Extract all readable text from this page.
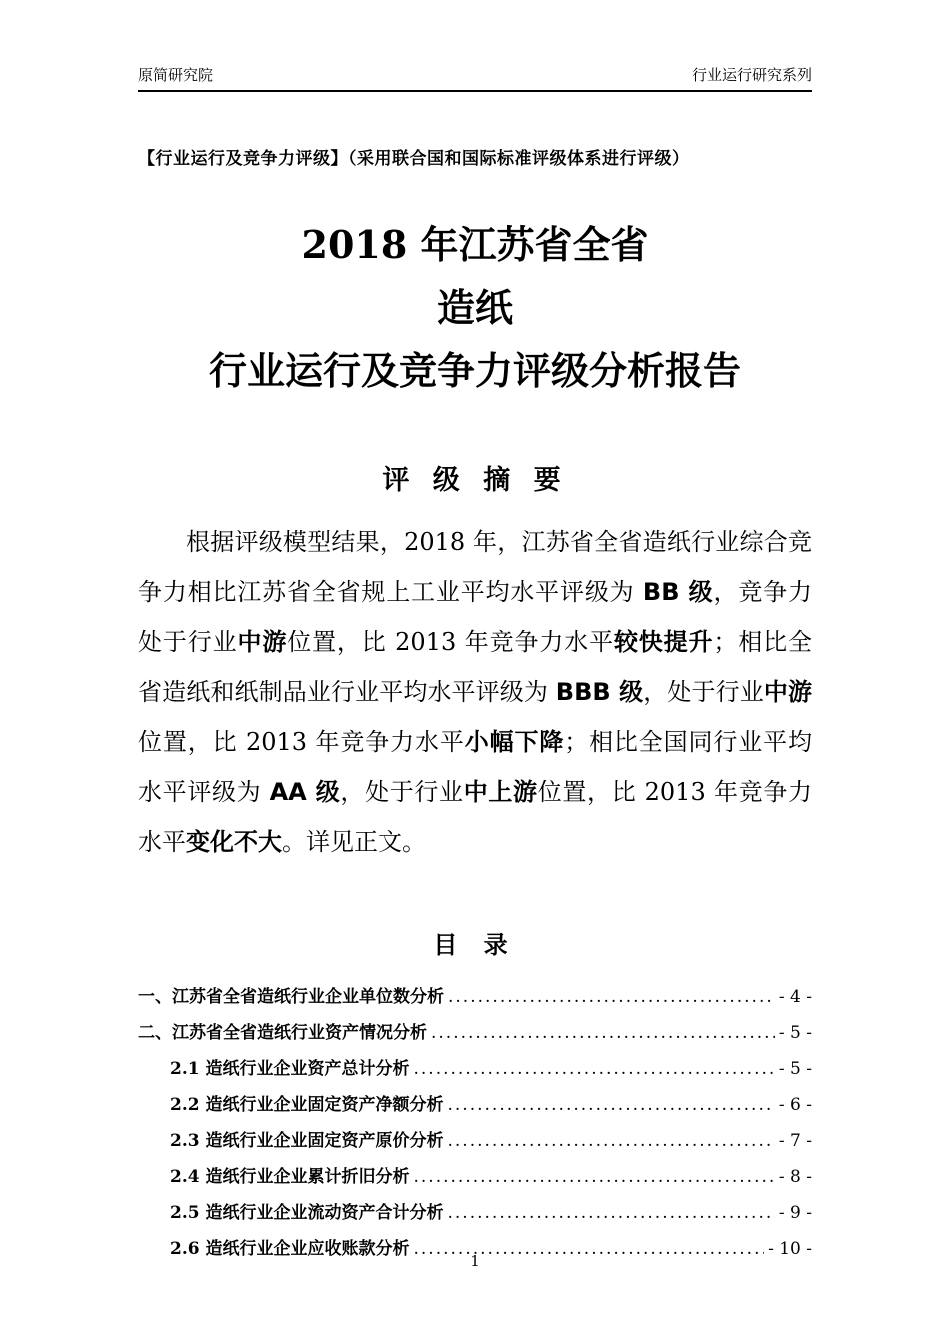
原简研究院	行业运行研究系列
【行业运行及竞争力评级】（采用联合国和国际标准评级体系进行评级）
2018 年江苏省全省
造纸
行业运行及竞争力评级分析报告
评 级 摘 要

根据评级模型结果，2018 年，江苏省全省造纸行业综合竞争力相比江苏省全省规上工业平均水平评级为 BB 级，竞争力处于行业中游位置，比 2013 年竞争力水平较快提升；相比全省造纸和纸制品业行业平均水平评级为 BBB 级，处于行业中游位置，比 2013 年竞争力水平小幅下降；相比全国同行业平均水平评级为 AA 级，处于行业中上游位置，比 2013 年竞争力水平变化不大。详见正文。

目 录
一、江苏省全省造纸行业企业单位数分析 .....	- 4 -
二、江苏省全省造纸行业资产情况分析 .....	- 5 -
2.1 造纸行业企业资产总计分析 .....	- 5 -
2.2 造纸行业企业固定资产净额分析 .....	- 6 -
2.3 造纸行业企业固定资产原价分析 .....	- 7 -
2.4 造纸行业企业累计折旧分析 .....	- 8 -
2.5 造纸行业企业流动资产合计分析 .....	- 9 -
2.6 造纸行业企业应收账款分析 .....	- 10 -
1
